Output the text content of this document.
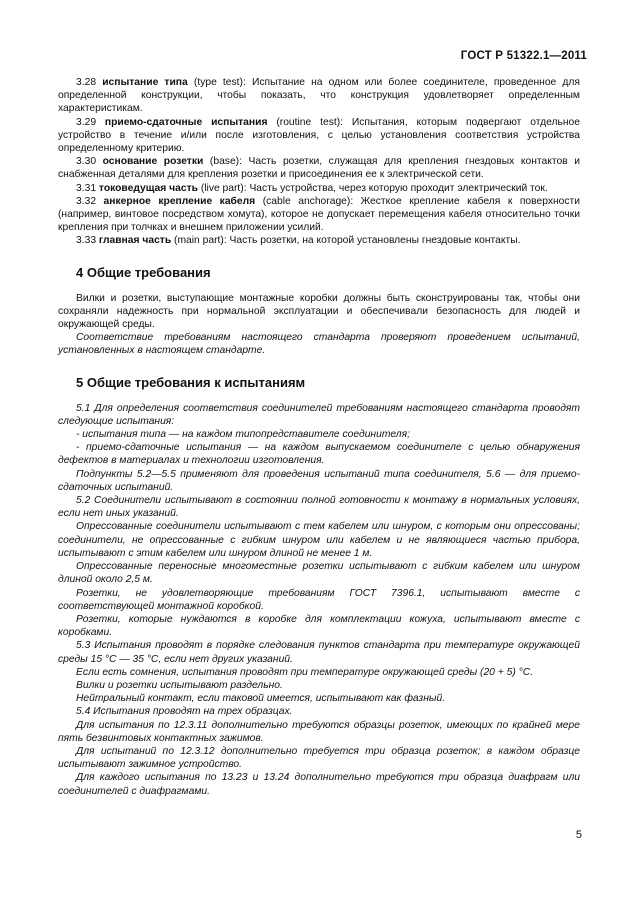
ГОСТ Р 51322.1—2011

3.28 испытание типа (type test): Испытание на одном или более соединителе, проведенное для определенной конструкции, чтобы показать, что конструкция удовлетворяет определенным характеристикам.

3.29 приемо-сдаточные испытания (routine test): Испытания, которым подвергают отдельное устройство в течение и/или после изготовления, с целью установления соответствия устройства определенному критерию.

3.30 основание розетки (base): Часть розетки, служащая для крепления гнездовых контактов и снабженная деталями для крепления розетки и присоединения ее к электрической сети.

3.31 токоведущая часть (live part): Часть устройства, через которую проходит электрический ток.

3.32 анкерное крепление кабеля (cable anchorage): Жесткое крепление кабеля к поверхности (например, винтовое посредством хомута), которое не допускает перемещения кабеля относительно точки крепления при толчках и внешнем приложении усилий.

3.33 главная часть (main part): Часть розетки, на которой установлены гнездовые контакты.

4 Общие требования

Вилки и розетки, выступающие монтажные коробки должны быть сконструированы так, чтобы они сохраняли надежность при нормальной эксплуатации и обеспечивали безопасность для людей и окружающей среды.

Соответствие требованиям настоящего стандарта проверяют проведением испытаний, установленных в настоящем стандарте.

5 Общие требования к испытаниям

5.1 Для определения соответствия соединителей требованиям настоящего стандарта проводят следующие испытания:

- испытания типа — на каждом типопредставителе соединителя;

- приемо-сдаточные испытания — на каждом выпускаемом соединителе с целью обнаружения дефектов в материалах и технологии изготовления.

Подпункты 5.2—5.5 применяют для проведения испытаний типа соединителя, 5.6 — для приемо-сдаточных испытаний.

5.2 Соединители испытывают в состоянии полной готовности к монтажу в нормальных условиях, если нет иных указаний.

Опрессованные соединители испытывают с тем кабелем или шнуром, с которым они опрессованы; соединители, не опрессованные с гибким шнуром или кабелем и не являющиеся частью прибора, испытывают с этим кабелем или шнуром длиной не менее 1 м.

Опрессованные переносные многоместные розетки испытывают с гибким кабелем или шнуром длиной около 2,5 м.

Розетки, не удовлетворяющие требованиям ГОСТ 7396.1, испытывают вместе с соответствующей монтажной коробкой.

Розетки, которые нуждаются в коробке для комплектации кожуха, испытывают вместе с коробками.

5.3 Испытания проводят в порядке следования пунктов стандарта при температуре окружающей среды 15 °С — 35 °С, если нет других указаний.

Если есть сомнения, испытания проводят при температуре окружающей среды (20 + 5) °С.

Вилки и розетки испытывают раздельно.

Нейтральный контакт, если таковой имеется, испытывают как фазный.

5.4 Испытания проводят на трех образцах.

Для испытания по 12.3.11 дополнительно требуются образцы розеток, имеющих по крайней мере пять безвинтовых контактных зажимов.

Для испытаний по 12.3.12 дополнительно требуется три образца розеток; в каждом образце испытывают зажимное устройство.

Для каждого испытания по 13.23 и 13.24 дополнительно требуются три образца диафрагм или соединителей с диафрагмами.

5
